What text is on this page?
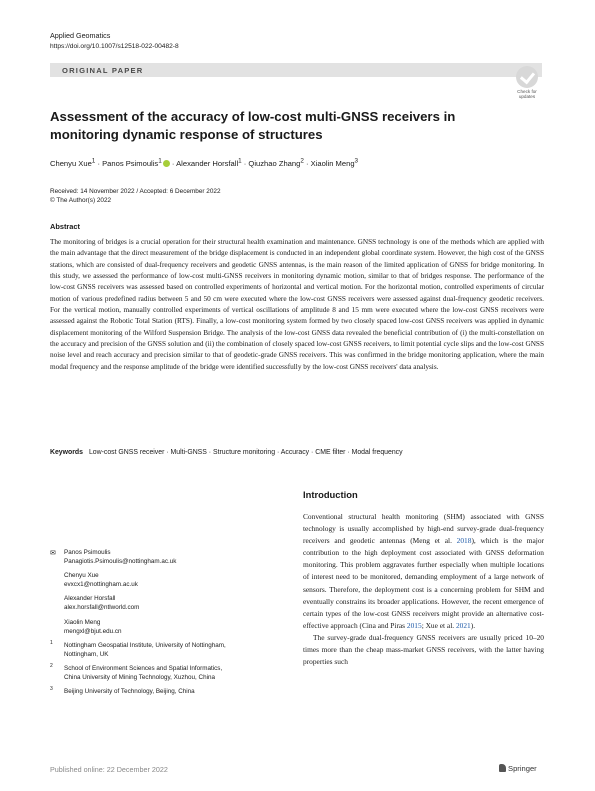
Applied Geomatics
https://doi.org/10.1007/s12518-022-00482-8
ORIGINAL PAPER
Check for
updates
Assessment of the accuracy of low-cost multi-GNSS receivers in monitoring dynamic response of structures
Chenyu Xue$^1$ · Panos Psimoulis$^1$ · Alexander Horsfall$^1$ · Qiuzhao Zhang$^2$ · Xiaolin Meng$^3$
Received: 14 November 2022 / Accepted: 6 December 2022
© The Author(s) 2022
Abstract
The monitoring of bridges is a crucial operation for their structural health examination and maintenance. GNSS technology is one of the methods which are applied with the main advantage that the direct measurement of the bridge displacement is conducted in an independent global coordinate system. However, the high cost of the GNSS stations, which are consisted of dual-frequency receivers and geodetic GNSS antennas, is the main reason of the limited application of GNSS for bridge monitoring. In this study, we assessed the performance of low-cost multi-GNSS receivers in monitoring dynamic motion, similar to that of bridges response. The performance of the low-cost GNSS receivers was assessed based on controlled experiments of horizontal and vertical motion. For the horizontal motion, controlled experiments of circular motion of various predefined radius between 5 and 50 cm were executed where the low-cost GNSS receivers were assessed against dual-frequency geodetic receivers. For the vertical motion, manually controlled experiments of vertical oscillations of amplitude 8 and 15 mm were executed where the low-cost GNSS receivers were assessed against the Robotic Total Station (RTS). Finally, a low-cost monitoring system formed by two closely spaced low-cost GNSS receivers was applied in dynamic displacement monitoring of the Wilford Suspension Bridge. The analysis of the low-cost GNSS data revealed the beneficial contribution of (i) the multi-constellation on the accuracy and precision of the GNSS solution and (ii) the combination of closely spaced low-cost GNSS receivers, to limit potential cycle slips and the low-cost GNSS noise level and reach accuracy and precision similar to that of geodetic-grade GNSS receivers. This was confirmed in the bridge monitoring application, where the main modal frequency and the response amplitude of the bridge were identified successfully by the low-cost GNSS receivers' data analysis.
Keywords Low-cost GNSS receiver · Multi-GNSS · Structure monitoring · Accuracy · CME filter · Modal frequency
Introduction

Conventional structural health monitoring (SHM) associated with GNSS technology is usually accomplished by high-end survey-grade dual-frequency receivers and geodetic antennas (Meng et al. 2018), which is the major contribution to the high deployment cost associated with GNSS deformation monitoring. This problem aggravates further especially when multiple locations of interest need to be monitored, demanding employment of a large network of sensors. Therefore, the deployment cost is a concerning problem for SHM and eventually constrains its broader applications. However, the recent emergence of certain types of the low-cost GNSS receivers might provide an alternative cost-effective approach (Cina and Piras 2015; Xue et al. 2021).

The survey-grade dual-frequency GNSS receivers are usually priced 10–20 times more than the cheap mass-market GNSS receivers, with the latter having properties such

✉ Panos Psimoulis
Panagiotis.Psimoulis@nottingham.ac.uk
Chenyu Xue
evxcx1@nottingham.ac.uk
Alexander Horsfall
alex.horsfall@ntlworld.com
Xiaolin Meng
mengxl@bjut.edu.cn
1 Nottingham Geospatial Institute, University of Nottingham,
Nottingham, UK
2 School of Environment Sciences and Spatial Informatics,
China University of Mining Technology, Xuzhou, China
3 Beijing University of Technology, Beijing, China
Published online: 22 December 2022	Springer
